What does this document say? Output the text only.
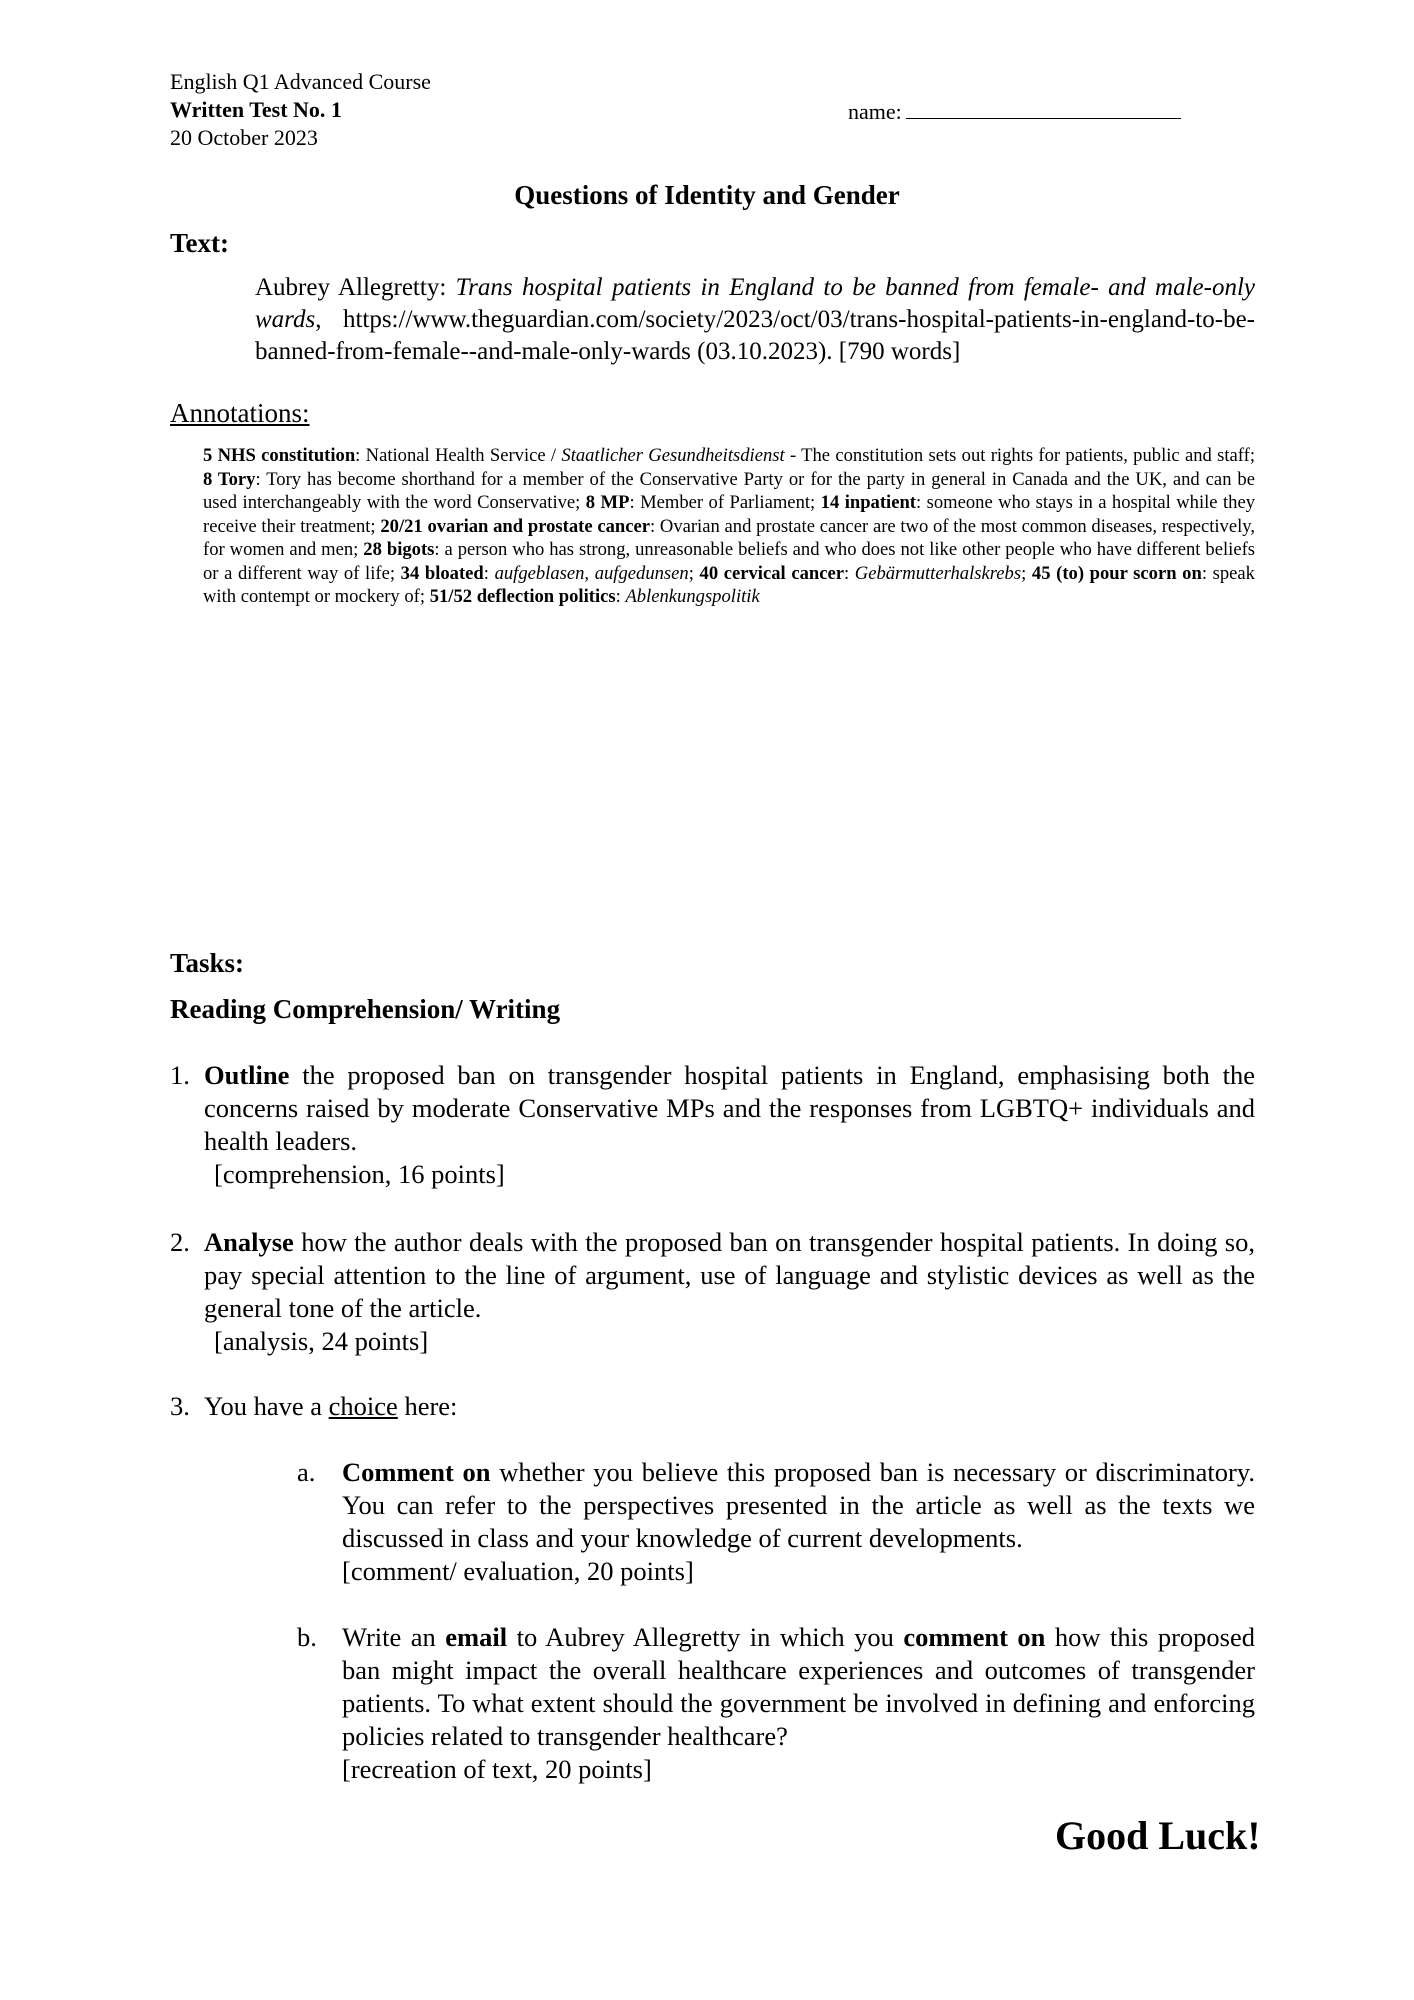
English Q1 Advanced Course
Written Test No. 1
20 October 2023
name:
Questions of Identity and Gender
Text:
Aubrey Allegretty: Trans hospital patients in England to be banned from female- and male-only wards, https://www.theguardian.com/society/2023/oct/03/trans-hospital-patients-in-england-to-be-banned-from-female--and-male-only-wards (03.10.2023). [790 words]
Annotations:
5 NHS constitution: National Health Service / Staatlicher Gesundheitsdienst - The constitution sets out rights for patients, public and staff; 8 Tory: Tory has become shorthand for a member of the Conservative Party or for the party in general in Canada and the UK, and can be used interchangeably with the word Conservative; 8 MP: Member of Parliament; 14 inpatient: someone who stays in a hospital while they receive their treatment; 20/21 ovarian and prostate cancer: Ovarian and prostate cancer are two of the most common diseases, respectively, for women and men; 28 bigots: a person who has strong, unreasonable beliefs and who does not like other people who have different beliefs or a different way of life; 34 bloated: aufgeblasen, aufgedunsen; 40 cervical cancer: Gebärmutterhalskrebs; 45 (to) pour scorn on: speak with contempt or mockery of; 51/52 deflection politics: Ablenkungspolitik
Tasks:
Reading Comprehension/ Writing
1. Outline the proposed ban on transgender hospital patients in England, emphasising both the concerns raised by moderate Conservative MPs and the responses from LGBTQ+ individuals and health leaders.
[comprehension, 16 points]
2. Analyse how the author deals with the proposed ban on transgender hospital patients. In doing so, pay special attention to the line of argument, use of language and stylistic devices as well as the general tone of the article.
[analysis, 24 points]
3. You have a choice here:
a. Comment on whether you believe this proposed ban is necessary or discriminatory. You can refer to the perspectives presented in the article as well as the texts we discussed in class and your knowledge of current developments.
[comment/ evaluation, 20 points]
b. Write an email to Aubrey Allegretty in which you comment on how this proposed ban might impact the overall healthcare experiences and outcomes of transgender patients. To what extent should the government be involved in defining and enforcing policies related to transgender healthcare?
[recreation of text, 20 points]
Good Luck!
